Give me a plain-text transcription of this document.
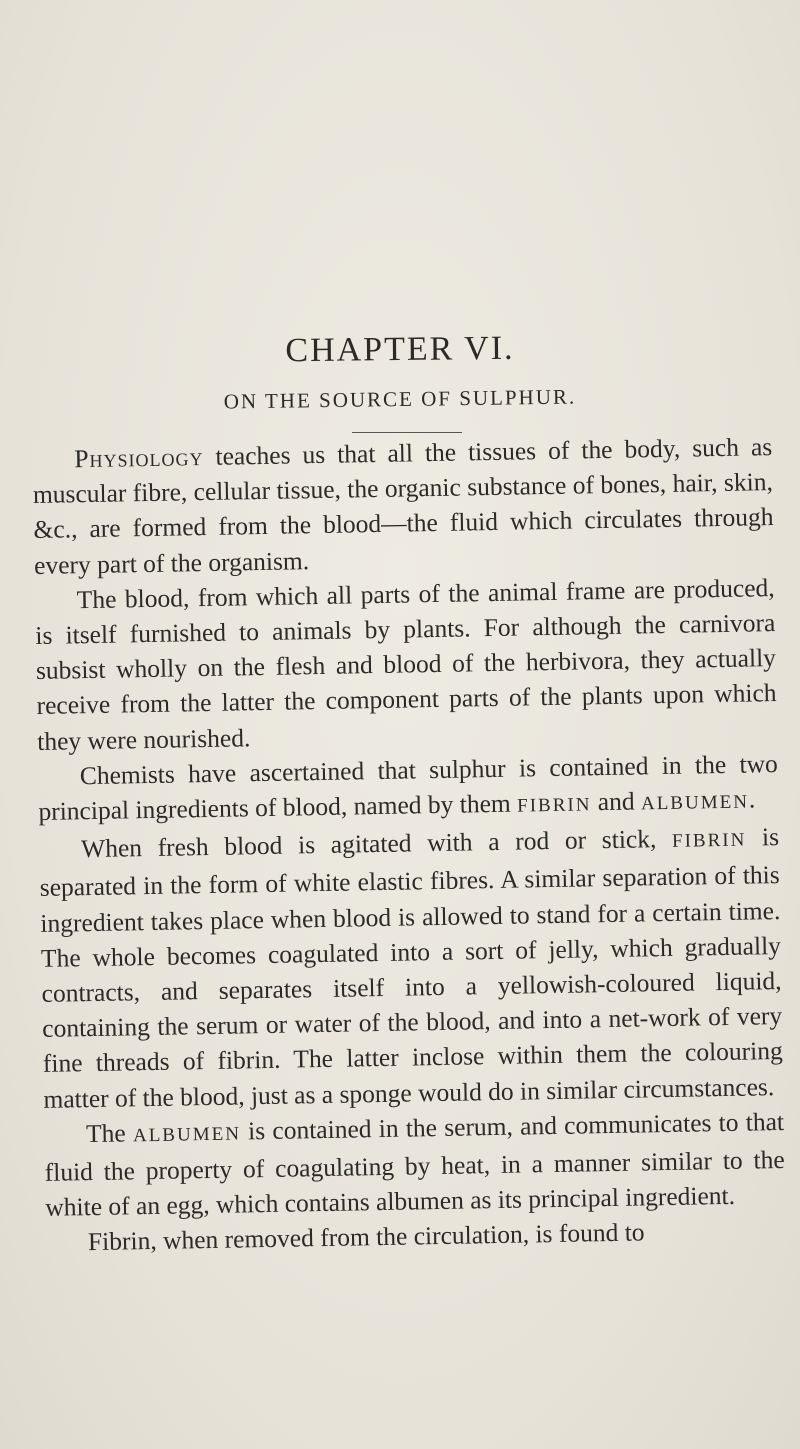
CHAPTER VI.
ON THE SOURCE OF SULPHUR.

Physiology teaches us that all the tissues of the body, such as muscular fibre, cellular tissue, the organic substance of bones, hair, skin, &c., are formed from the blood—the fluid which circulates through every part of the organism.

The blood, from which all parts of the animal frame are produced, is itself furnished to animals by plants. For although the carnivora subsist wholly on the flesh and blood of the herbivora, they actually receive from the latter the component parts of the plants upon which they were nourished.

Chemists have ascertained that sulphur is contained in the two principal ingredients of blood, named by them FIBRIN and ALBUMEN.

When fresh blood is agitated with a rod or stick, FIBRIN is separated in the form of white elastic fibres. A similar separation of this ingredient takes place when blood is allowed to stand for a certain time. The whole becomes coagulated into a sort of jelly, which gradually contracts, and separates itself into a yellowish-coloured liquid, containing the serum or water of the blood, and into a net-work of very fine threads of fibrin. The latter inclose within them the colouring matter of the blood, just as a sponge would do in similar circumstances.

The ALBUMEN is contained in the serum, and communicates to that fluid the property of coagulating by heat, in a manner similar to the white of an egg, which contains albumen as its principal ingredient.

Fibrin, when removed from the circulation, is found to
